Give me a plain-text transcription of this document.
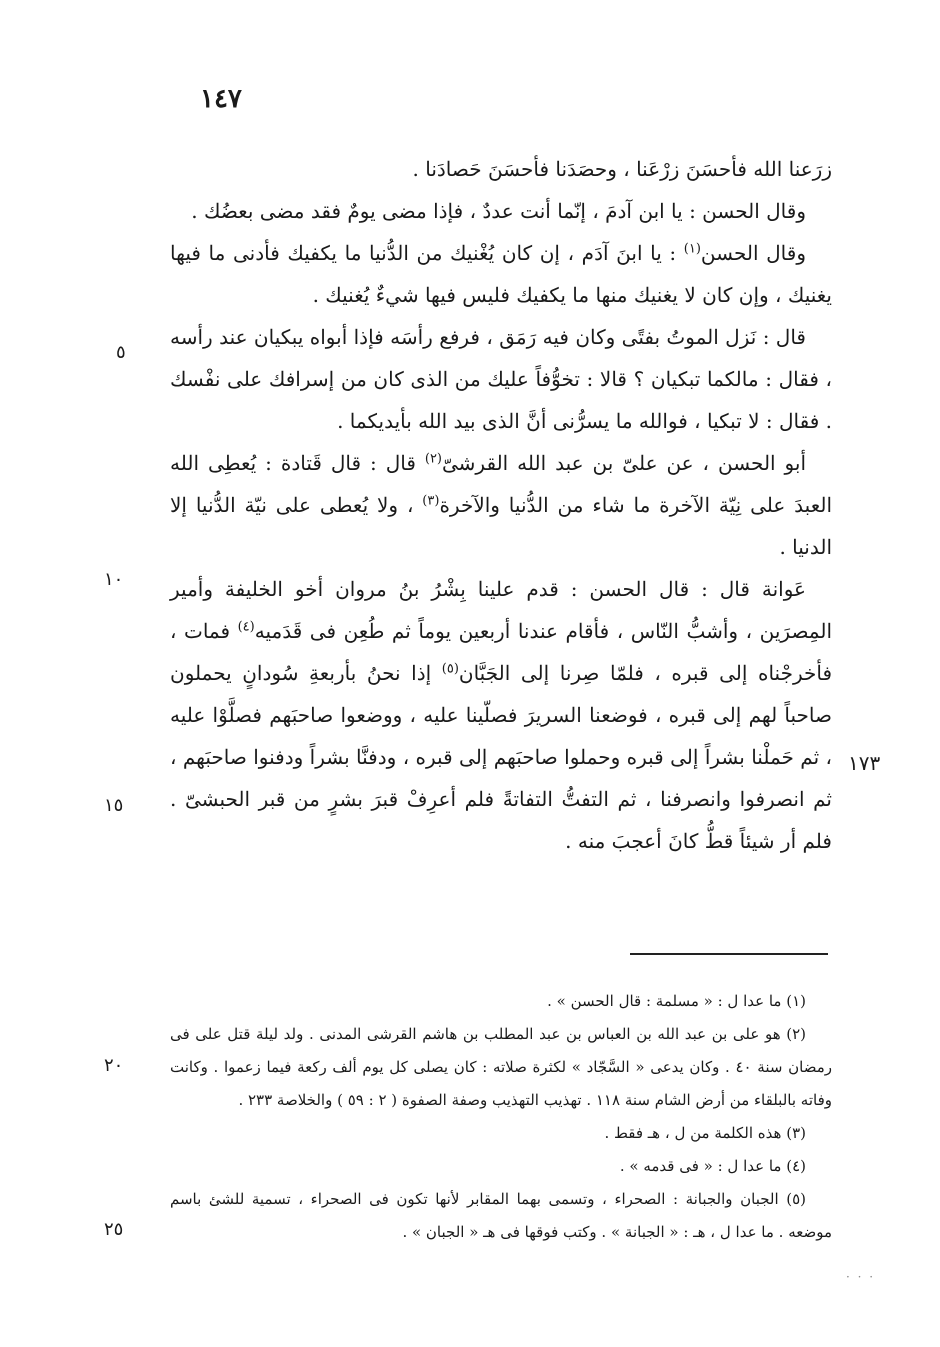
١٤٧

زرَعنا الله فأحسَنَ زرْعَنا ، وحصَدَنا فأحسَنَ حَصادَنا .

وقال الحسن : يا ابن آدمَ ، إنّما أنت عددٌ ، فإذا مضى يومٌ فقد مضى بعضُك .

وقال الحسن$^{(١)}$ : يا ابنَ آدَم ، إن كان يُغْنيك من الدُّنيا ما يكفيك فأدنى ما فيها يغنيك ، وإن كان لا يغنيك منها ما يكفيك فليس فيها شيءٌ يُغنيك .

قال : نَزل الموتُ بفتًى وكان فيه رَمَق ، فرفع رأسَه فإذا أبواه يبكيان عند رأسه ، فقال : مالكما تبكيان ؟ قالا : تخوُّفاً عليك من الذى كان من إسرافك على نفْسك . فقال : لا تبكيا ، فوالله ما يسرُّنى أنَّ الذى بيد الله بأيديكما .

أبو الحسن ، عن علىّ بن عبد الله القرشىّ$^{(٢)}$ قال : قال قَتادة : يُعطِى الله العبدَ على نِيّة الآخرة ما شاء من الدُّنيا والآخرة$^{(٣)}$ ، ولا يُعطى على نيّة الدُّنيا إلا الدنيا .

عَوانة قال : قال الحسن : قدم علينا بِشْرُ بنُ مروان أخو الخليفة وأمير المِصرَين ، وأشبُّ النّاس ، فأقام عندنا أربعين يوماً ثم طُعِن فى قَدَميه$^{(٤)}$ فمات ، فأخرجْناه إلى قبره ، فلمّا صِرنا إلى الجَبَّان$^{(٥)}$ إذا نحنُ بأربعةِ سُودانٍ يحملون صاحباً لهم إلى قبره ، فوضعنا السريرَ فصلّينا عليه ، ووضعوا صاحبَهم فصلَّوْا عليه ، ثم حَملْنا بشراً إلى قبره وحملوا صاحبَهم إلى قبره ، ودفنَّا بشراً ودفنوا صاحبَهم ، ثم انصرفوا وانصرفنا ، ثم التفتُّ التفاتةً فلم أعرِفْ قبرَ بشرٍ من قبر الحبشىّ . فلم أر شيئاً قطُّ كانَ أعجبَ منه .

٥
١٠
١٧٣
١٥
٢٠
٢٥

(١) ما عدا ل : « مسلمة : قال الحسن » .

(٢) هو على بن عبد الله بن العباس بن عبد المطلب بن هاشم القرشى المدنى . ولد ليلة قتل على فى رمضان سنة ٤٠ . وكان يدعى « السَّجّاد » لكثرة صلاته : كان يصلى كل يوم ألف ركعة فيما زعموا . وكانت وفاته بالبلقاء من أرض الشام سنة ١١٨ . تهذيب التهذيب وصفة الصفوة ( ٢ : ٥٩ ) والخلاصة ٢٣٣ .

(٣) هذه الكلمة من ل ، هـ فقط .

(٤) ما عدا ل : « فى قدمه » .

(٥) الجبان والجبانة : الصحراء ، وتسمى بهما المقابر لأنها تكون فى الصحراء ، تسمية للشئ باسم موضعه . ما عدا ل ، هـ : « الجبانة » . وكتب فوقها فى هـ « الجبان » .

· · ·
